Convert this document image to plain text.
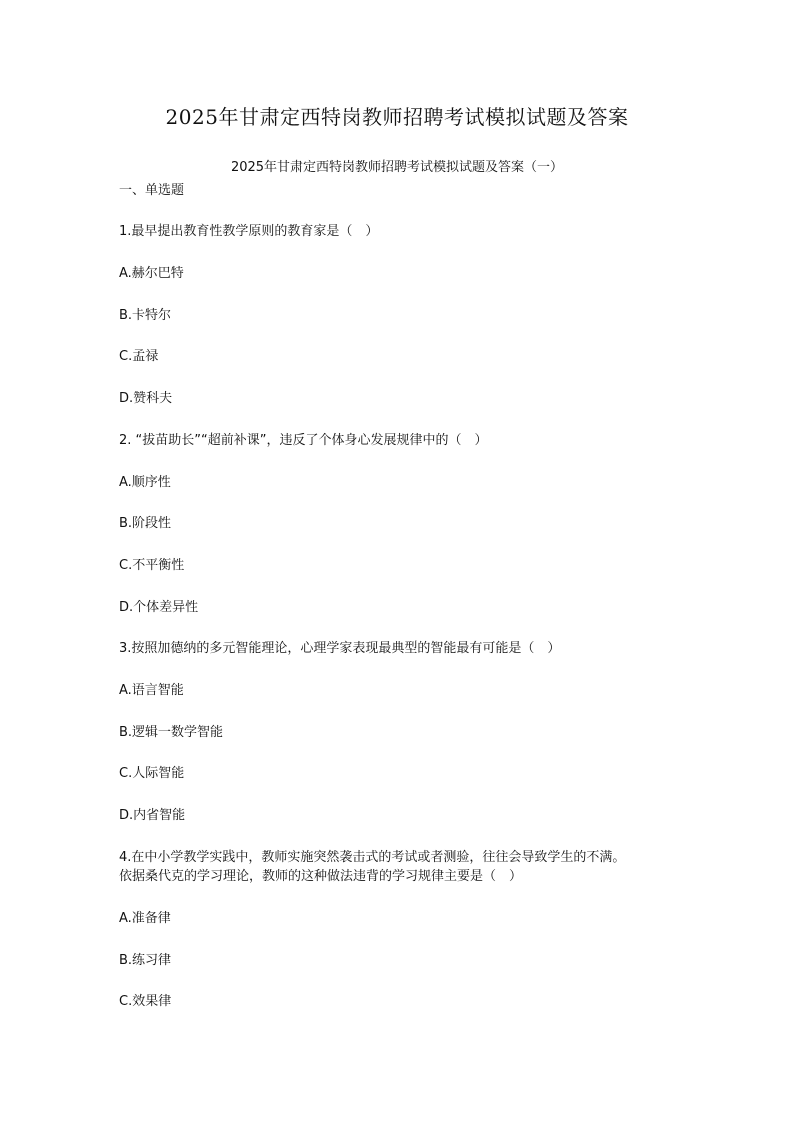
2025年甘肃定西特岗教师招聘考试模拟试题及答案
2025年甘肃定西特岗教师招聘考试模拟试题及答案（一）
一、单选题
1.最早提出教育性教学原则的教育家是（　）
A.赫尔巴特
B.卡特尔
C.孟禄
D.赞科夫
2. “拔苗助长”“超前补课”，违反了个体身心发展规律中的（　）
A.顺序性
B.阶段性
C.不平衡性
D.个体差异性
3.按照加德纳的多元智能理论，心理学家表现最典型的智能最有可能是（　）
A.语言智能
B.逻辑一数学智能
C.人际智能
D.内省智能
4.在中小学教学实践中，教师实施突然袭击式的考试或者测验，往往会导致学生的不满。
依据桑代克的学习理论，教师的这种做法违背的学习规律主要是（　）
A.准备律
B.练习律
C.效果律
